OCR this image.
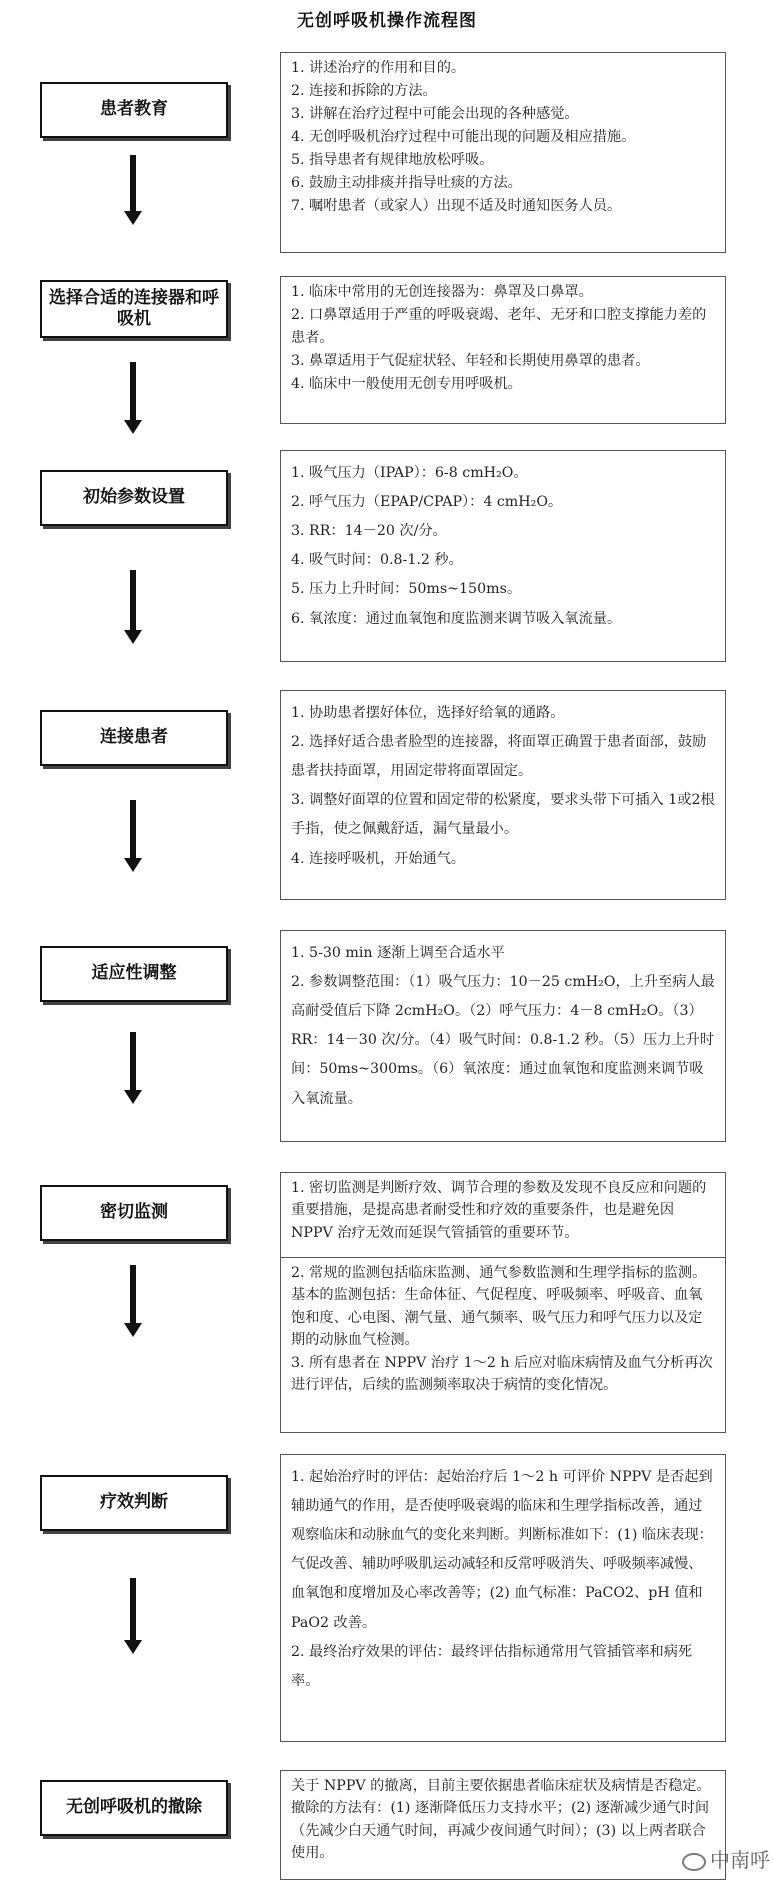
无创呼吸机操作流程图
患者教育

1. 讲述治疗的作用和目的。

2. 连接和拆除的方法。

3. 讲解在治疗过程中可能会出现的各种感觉。

4. 无创呼吸机治疗过程中可能出现的问题及相应措施。

5. 指导患者有规律地放松呼吸。

6. 鼓励主动排痰并指导吐痰的方法。

7. 嘱咐患者（或家人）出现不适及时通知医务人员。

选择合适的连接器和呼吸机

1. 临床中常用的无创连接器为：鼻罩及口鼻罩。

2. 口鼻罩适用于严重的呼吸衰竭、老年、无牙和口腔支撑能力差的患者。

3. 鼻罩适用于气促症状轻、年轻和长期使用鼻罩的患者。

4. 临床中一般使用无创专用呼吸机。

初始参数设置

1. 吸气压力（IPAP）：6-8 cmH₂O。

2. 呼气压力（EPAP/CPAP）：4 cmH₂O。

3. RR：14－20 次/分。

4. 吸气时间：0.8-1.2 秒。

5. 压力上升时间：50ms~150ms。

6. 氧浓度：通过血氧饱和度监测来调节吸入氧流量。

连接患者

1. 协助患者摆好体位，选择好给氧的通路。

2. 选择好适合患者脸型的连接器，将面罩正确置于患者面部，鼓励患者扶持面罩，用固定带将面罩固定。

3. 调整好面罩的位置和固定带的松紧度，要求头带下可插入 1或2根手指，使之佩戴舒适，漏气量最小。

4. 连接呼吸机，开始通气。

适应性调整

1. 5-30 min 逐渐上调至合适水平

2. 参数调整范围：（1）吸气压力：10－25 cmH₂O，上升至病人最高耐受值后下降 2cmH₂O。（2）呼气压力：4－8 cmH₂O。（3）RR：14－30 次/分。（4）吸气时间：0.8-1.2 秒。（5）压力上升时间：50ms~300ms。（6）氧浓度：通过血氧饱和度监测来调节吸入氧流量。

密切监测

1. 密切监测是判断疗效、调节合理的参数及发现不良反应和问题的重要措施，是提高患者耐受性和疗效的重要条件，也是避免因 NPPV 治疗无效而延误气管插管的重要环节。

2. 常规的监测包括临床监测、通气参数监测和生理学指标的监测。基本的监测包括：生命体征、气促程度、呼吸频率、呼吸音、血氧饱和度、心电图、潮气量、通气频率、吸气压力和呼气压力以及定期的动脉血气检测。

3. 所有患者在 NPPV 治疗 1～2 h 后应对临床病情及血气分析再次进行评估，后续的监测频率取决于病情的变化情况。

疗效判断

1. 起始治疗时的评估：起始治疗后 1～2 h 可评价 NPPV 是否起到辅助通气的作用，是否使呼吸衰竭的临床和生理学指标改善，通过观察临床和动脉血气的变化来判断。判断标准如下：(1) 临床表现：气促改善、辅助呼吸肌运动减轻和反常呼吸消失、呼吸频率减慢、血氧饱和度增加及心率改善等；(2) 血气标准：PaCO2、pH 值和 PaO2 改善。

2. 最终治疗效果的评估：最终评估指标通常用气管插管率和病死率。

无创呼吸机的撤除

关于 NPPV 的撤离，目前主要依据患者临床症状及病情是否稳定。撤除的方法有：(1) 逐渐降低压力支持水平；(2) 逐渐减少通气时间（先减少白天通气时间，再减少夜间通气时间）；(3) 以上两者联合使用。	中南呼
